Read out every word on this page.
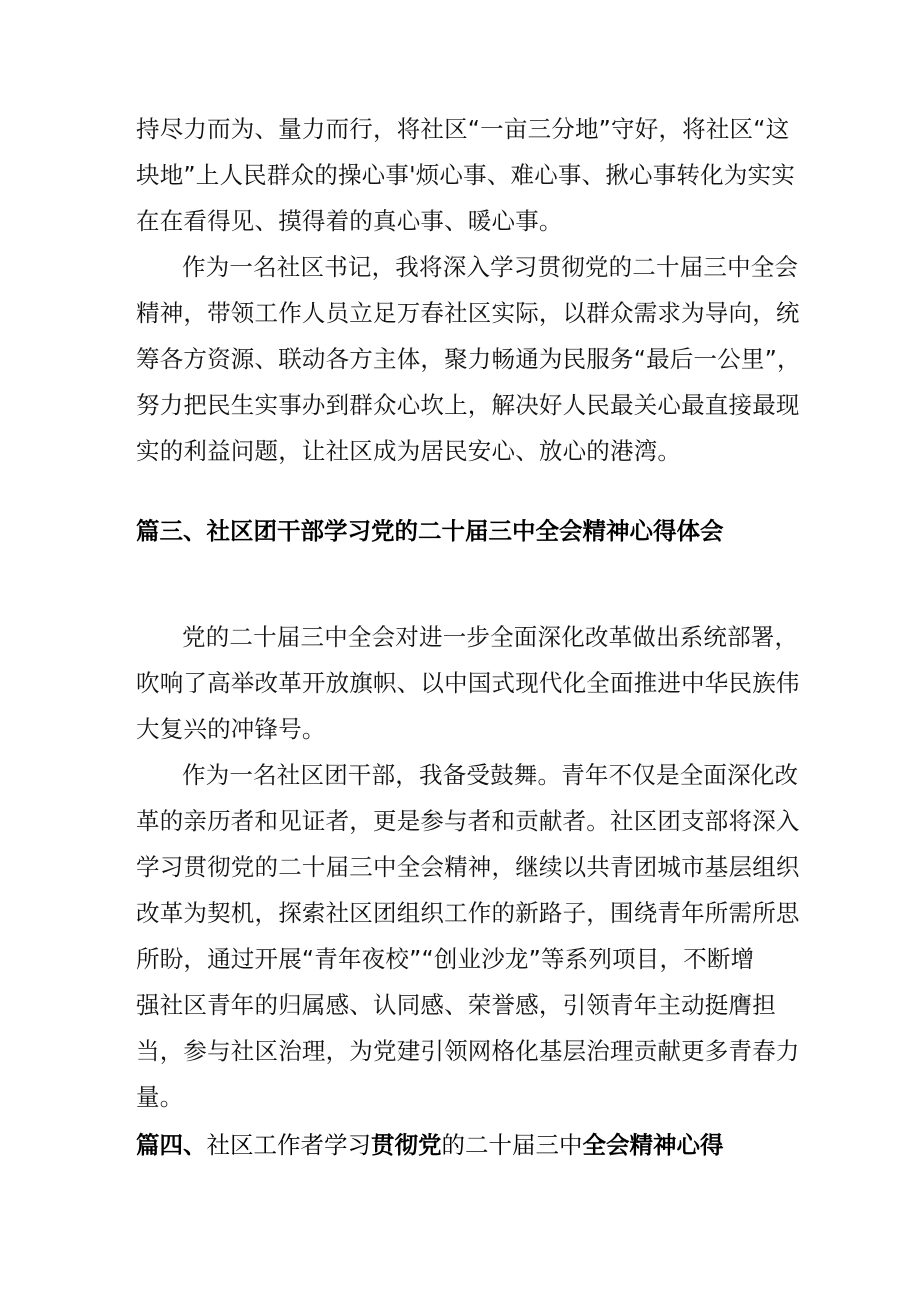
持尽力而为、量力而行，将社区“一亩三分地”守好，将社区“这
块地”上人民群众的操心事'烦心事、难心事、揪心事转化为实实
在在看得见、摸得着的真心事、暖心事。
作为一名社区书记，我将深入学习贯彻党的二十届三中全会
精神，带领工作人员立足万春社区实际，以群众需求为导向，统
筹各方资源、联动各方主体，聚力畅通为民服务“最后一公里”，
努力把民生实事办到群众心坎上，解决好人民最关心最直接最现
实的利益问题，让社区成为居民安心、放心的港湾。
篇三、社区团干部学习党的二十届三中全会精神心得体会
党的二十届三中全会对进一步全面深化改革做出系统部署，
吹响了高举改革开放旗帜、以中国式现代化全面推进中华民族伟
大复兴的冲锋号。
作为一名社区团干部，我备受鼓舞。青年不仅是全面深化改
革的亲历者和见证者，更是参与者和贡献者。社区团支部将深入
学习贯彻党的二十届三中全会精神，继续以共青团城市基层组织
改革为契机，探索社区团组织工作的新路子，围绕青年所需所思
所盼，通过开展“青年夜校”“创业沙龙”等系列项目，不断增
强社区青年的归属感、认同感、荣誉感，引领青年主动挺膺担
当，参与社区治理，为党建引领网格化基层治理贡献更多青春力
量。
篇四、社区工作者学习贯彻党的二十届三中全会精神心得
